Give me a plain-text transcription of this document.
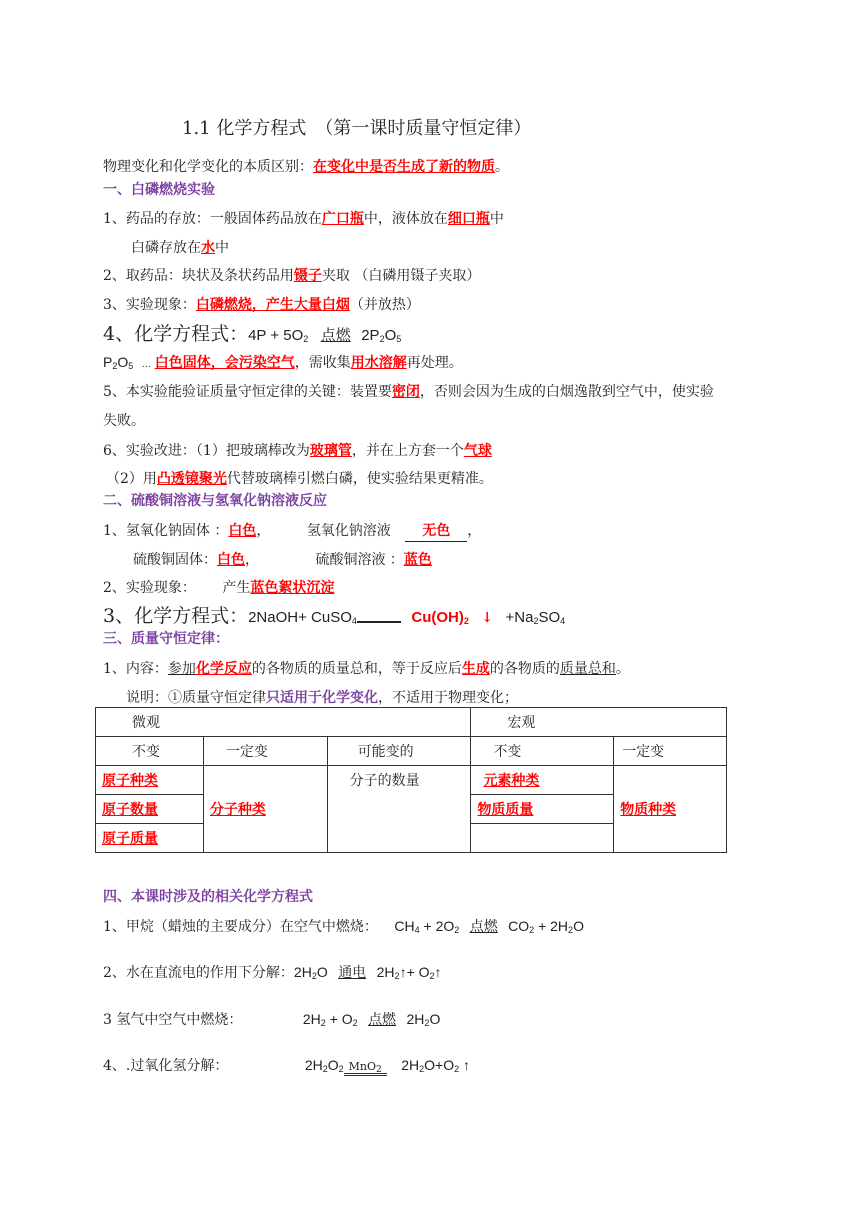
1.1 化学方程式　（第一课时质量守恒定律）
物理变化和化学变化的本质区别：在变化中是否生成了新的物质。
一、白磷燃烧实验
1、药品的存放：一般固体药品放在广口瓶中，液体放在细口瓶中
白磷存放在水中
2、取药品：块状及条状药品用镊子夹取 （白磷用镊子夹取）
3、实验现象：白磷燃烧，产生大量白烟（并放热）
4、化学方程式：$4P + 5O_2$ 点燃 $2P_2O_5$
$P_2O_5$ … 白色固体，会污染空气，需收集用水溶解再处理。
5、本实验能验证质量守恒定律的关键：装置要密闭，否则会因为生成的白烟逸散到空气中，使实验
失败。
6、实验改进：（1）把玻璃棒改为玻璃管，并在上方套一个气球
（2）用凸透镜聚光代替玻璃棒引燃白磷，使实验结果更精准。
二、硫酸铜溶液与氢氧化钠溶液反应
1、氢氧化钠固体 ：白色，	氢氧化钠溶液 无色 ，
硫酸铜固体：白色，	硫酸铜溶液 ：蓝色
2、实验现象： 产生蓝色絮状沉淀
3、化学方程式：2NaOH+ CuSO$_4$	$Cu(OH)_2$ ↓ $+Na_2SO_4$
三、质量守恒定律：
1、内容：参加化学反应的各物质的质量总和，等于反应后生成的各物质的质量总和。
说明：①质量守恒定律只适用于化学变化，不适用于物理变化；
微观			宏观	
不变	一定变	可能变的	不变	一定变
原子种类	分子种类	分子的数量	元素种类	物质种类
原子数量			物质质量	
原子质量				
四、本课时涉及的相关化学方程式
1、甲烷（蜡烛的主要成分）在空气中燃烧： $CH_4 + 2O_2$ 点燃 $CO_2 + 2H_2O$
2、水在直流电的作用下分解：$2H_2O$ 通电 $2H_2↑+$ $O_2↑$
3 氢气中空气中燃烧：	$2H_2 + O_2$ 点燃 $2H_2O$
4、.过氧化氢分解：	$2H_2O_2$ MnO$_2$ $2H_2O+O_2$ ↑
